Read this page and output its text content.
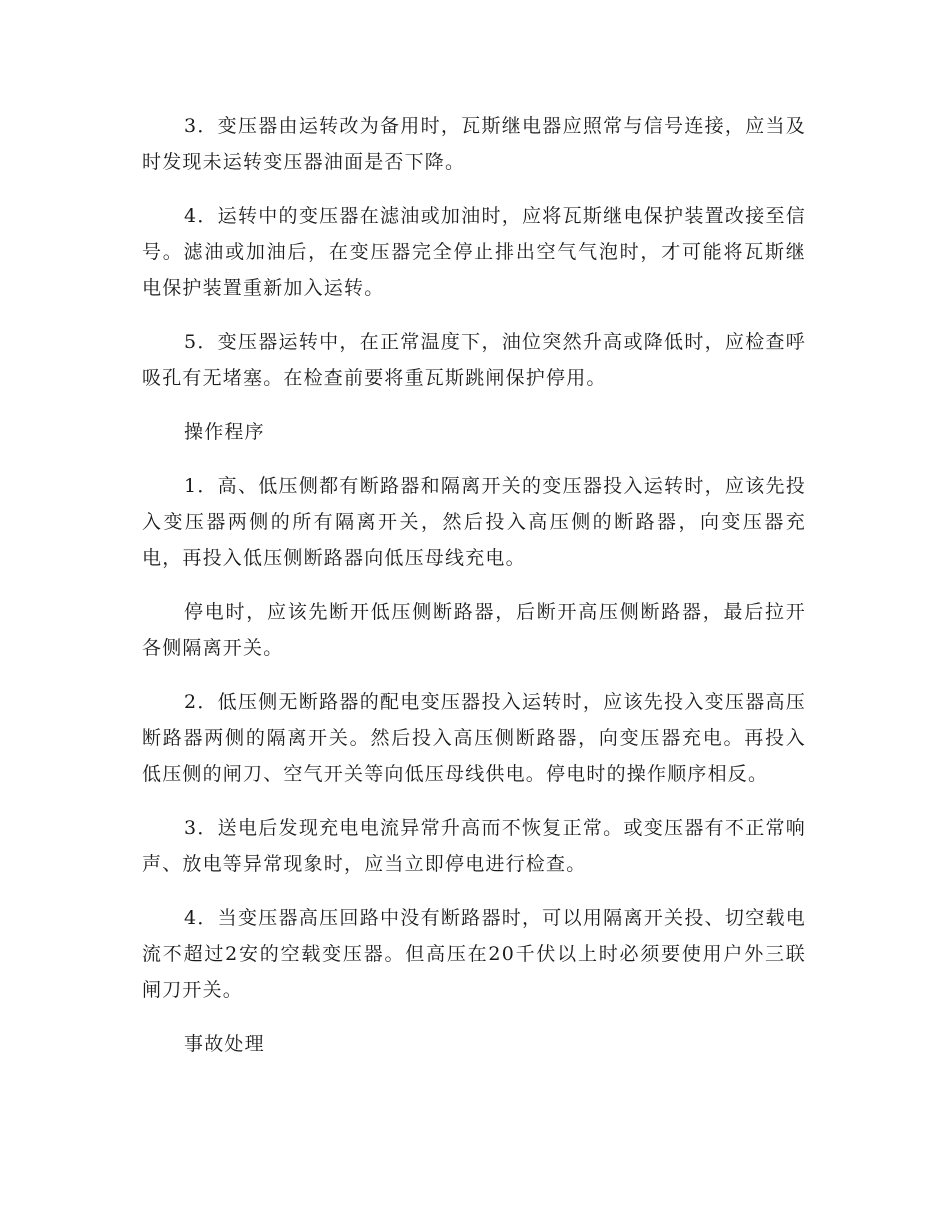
3．变压器由运转改为备用时，瓦斯继电器应照常与信号连接，应当及时发现未运转变压器油面是否下降。

4．运转中的变压器在滤油或加油时，应将瓦斯继电保护装置改接至信号。滤油或加油后，在变压器完全停止排出空气气泡时，才可能将瓦斯继电保护装置重新加入运转。

5．变压器运转中，在正常温度下，油位突然升高或降低时，应检查呼吸孔有无堵塞。在检查前要将重瓦斯跳闸保护停用。

操作程序

1．高、低压侧都有断路器和隔离开关的变压器投入运转时，应该先投入变压器两侧的所有隔离开关，然后投入高压侧的断路器，向变压器充电，再投入低压侧断路器向低压母线充电。

停电时，应该先断开低压侧断路器，后断开高压侧断路器，最后拉开各侧隔离开关。

2．低压侧无断路器的配电变压器投入运转时，应该先投入变压器高压断路器两侧的隔离开关。然后投入高压侧断路器，向变压器充电。再投入低压侧的闸刀、空气开关等向低压母线供电。停电时的操作顺序相反。

3．送电后发现充电电流异常升高而不恢复正常。或变压器有不正常响声、放电等异常现象时，应当立即停电进行检查。

4．当变压器高压回路中没有断路器时，可以用隔离开关投、切空载电流不超过2安的空载变压器。但高压在20千伏以上时必须要使用户外三联闸刀开关。

事故处理
